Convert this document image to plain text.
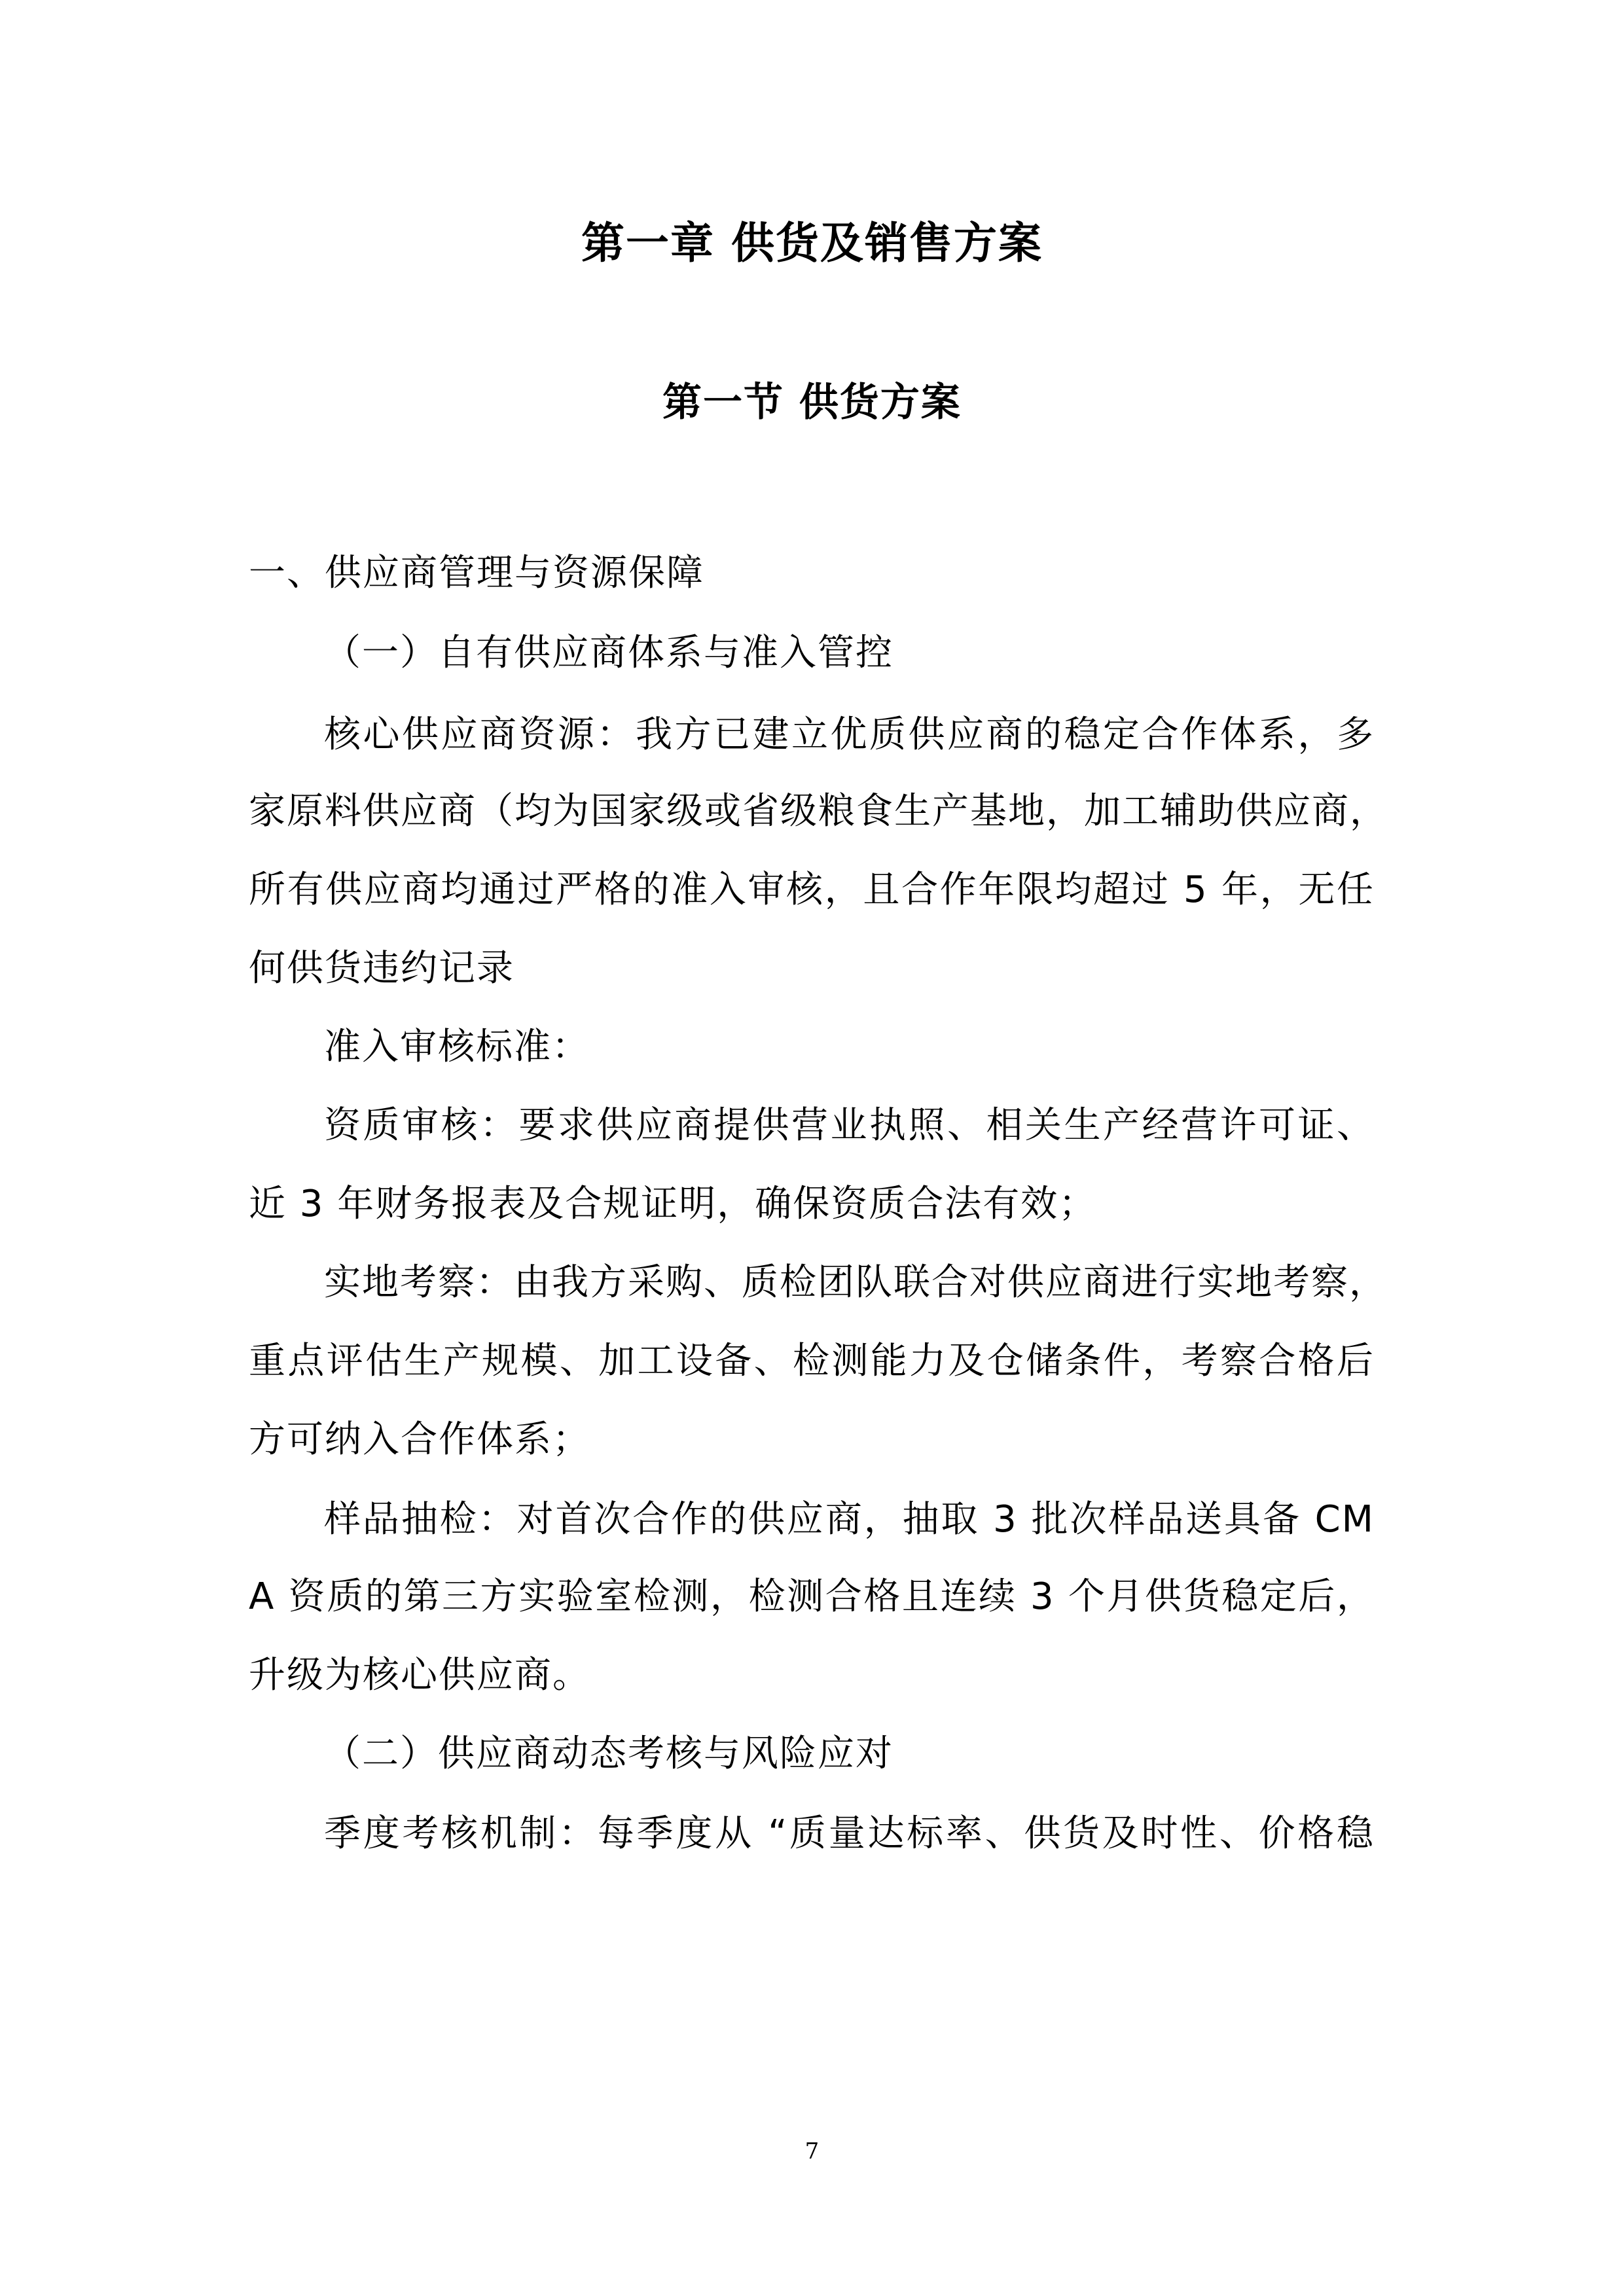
第一章 供货及销售方案
第一节 供货方案
一、供应商管理与资源保障
（一）自有供应商体系与准入管控
核心供应商资源：我方已建立优质供应商的稳定合作体系，多
家原料供应商（均为国家级或省级粮食生产基地，加工辅助供应商，
所有供应商均通过严格的准入审核，且合作年限均超过 5 年，无任
何供货违约记录
准入审核标准：
资质审核：要求供应商提供营业执照、相关生产经营许可证、
近 3 年财务报表及合规证明，确保资质合法有效；
实地考察：由我方采购、质检团队联合对供应商进行实地考察，
重点评估生产规模、加工设备、检测能力及仓储条件，考察合格后
方可纳入合作体系；
样品抽检：对首次合作的供应商，抽取 3 批次样品送具备 CM
A 资质的第三方实验室检测，检测合格且连续 3 个月供货稳定后，
升级为核心供应商。
（二）供应商动态考核与风险应对
季度考核机制：每季度从 “质量达标率、供货及时性、价格稳
7
